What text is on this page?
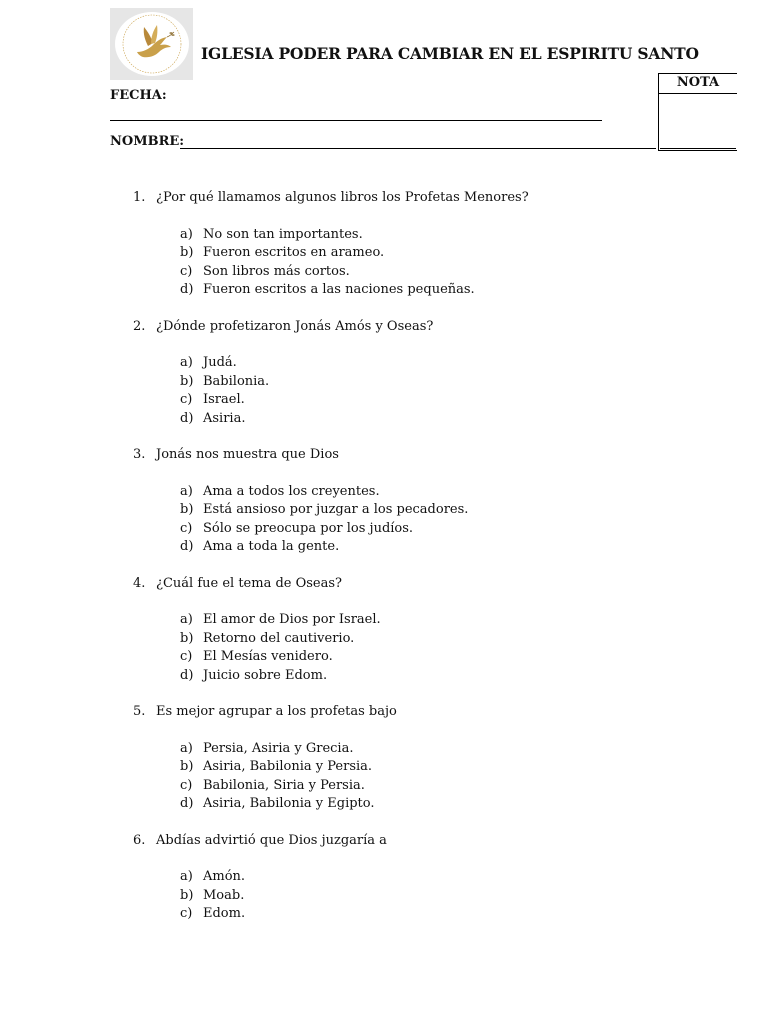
IGLESIA PODER PARA CAMBIAR EN EL ESPIRITU SANTO
NOTA
FECHA:
NOMBRE:
1. ¿Por qué llamamos algunos libros los Profetas Menores?
a) No son tan importantes.
b) Fueron escritos en arameo.
c) Son libros más cortos.
d) Fueron escritos a las naciones pequeñas.
2. ¿Dónde profetizaron Jonás Amós y Oseas?
a) Judá.
b) Babilonia.
c) Israel.
d) Asiria.
3. Jonás nos muestra que Dios
a) Ama a todos los creyentes.
b) Está ansioso por juzgar a los pecadores.
c) Sólo se preocupa por los judíos.
d) Ama a toda la gente.
4. ¿Cuál fue el tema de Oseas?
a) El amor de Dios por Israel.
b) Retorno del cautiverio.
c) El Mesías venidero.
d) Juicio sobre Edom.
5. Es mejor agrupar a los profetas bajo
a) Persia, Asiria y Grecia.
b) Asiria, Babilonia y Persia.
c) Babilonia, Siria y Persia.
d) Asiria, Babilonia y Egipto.
6. Abdías advirtió que Dios juzgaría a
a) Amón.
b) Moab.
c) Edom.
